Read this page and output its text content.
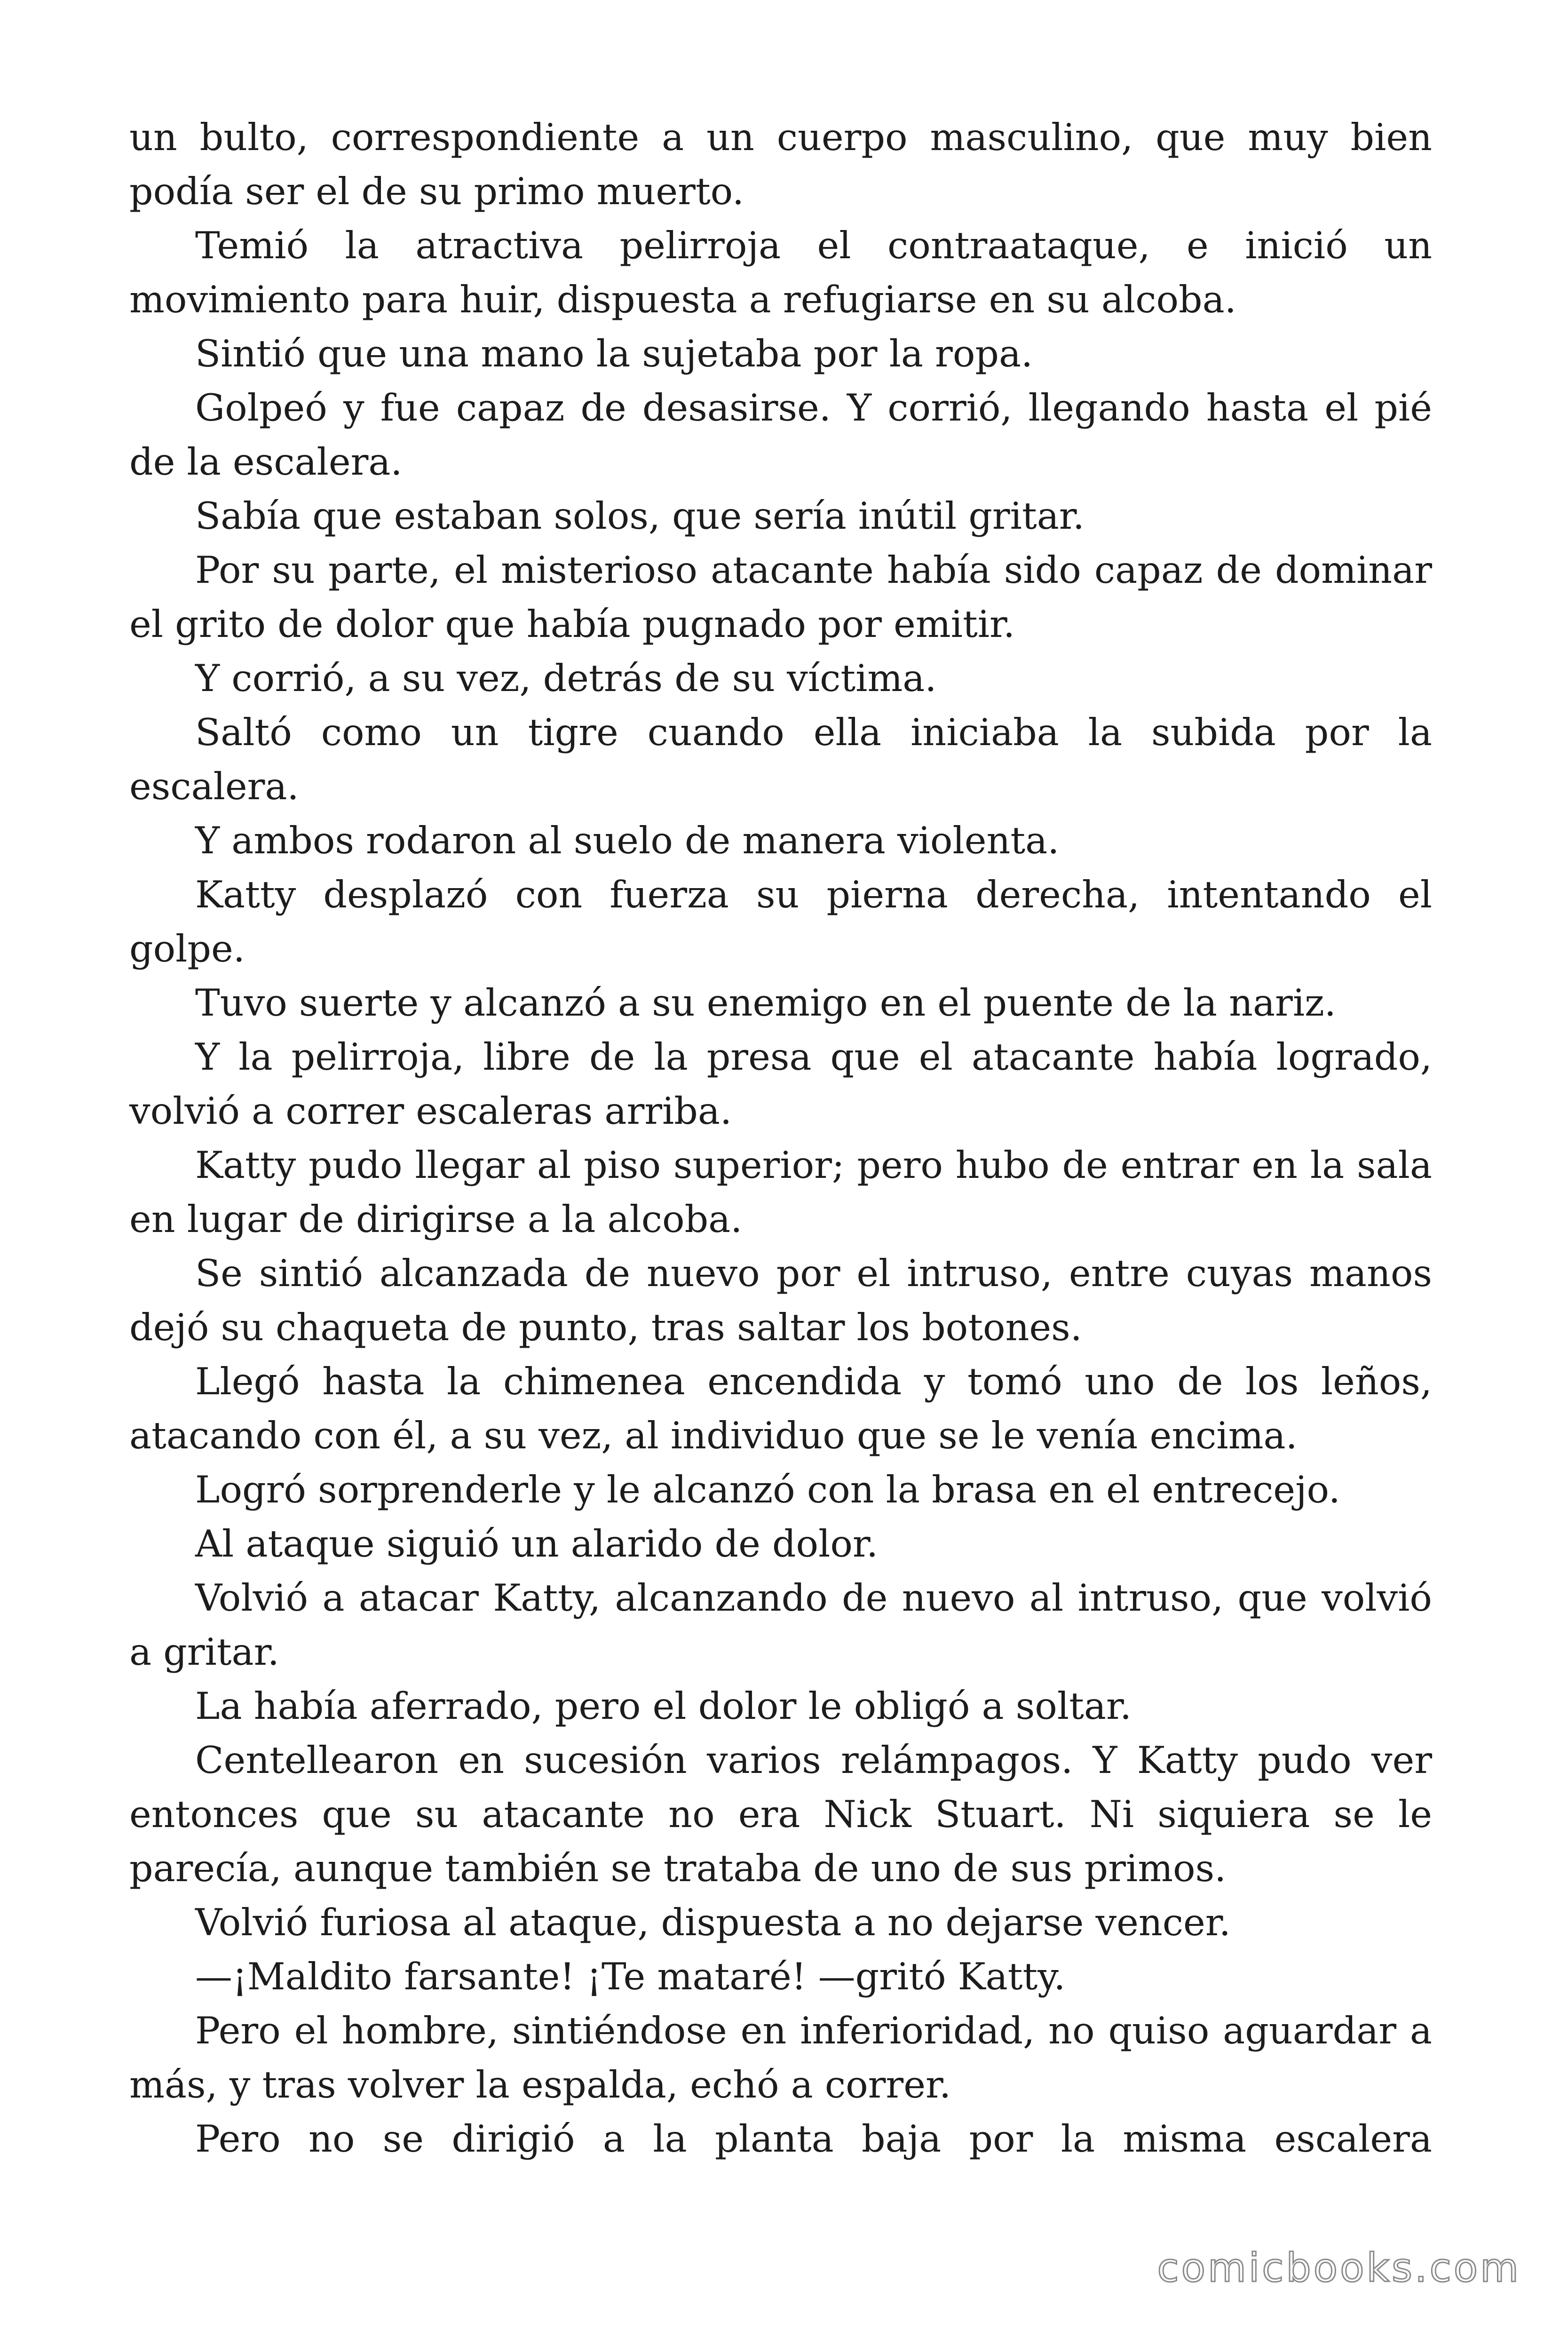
un bulto, correspondiente a un cuerpo masculino, que muy bien podía ser el de su primo muerto.

Temió la atractiva pelirroja el contraataque, e inició un movimiento para huir, dispuesta a refugiarse en su alcoba.

Sintió que una mano la sujetaba por la ropa.

Golpeó y fue capaz de desasirse. Y corrió, llegando hasta el pié de la escalera.

Sabía que estaban solos, que sería inútil gritar.

Por su parte, el misterioso atacante había sido capaz de dominar el grito de dolor que había pugnado por emitir.

Y corrió, a su vez, detrás de su víctima.

Saltó como un tigre cuando ella iniciaba la subida por la escalera.

Y ambos rodaron al suelo de manera violenta.

Katty desplazó con fuerza su pierna derecha, intentando el golpe.

Tuvo suerte y alcanzó a su enemigo en el puente de la nariz.

Y la pelirroja, libre de la presa que el atacante había logrado, volvió a correr escaleras arriba.

Katty pudo llegar al piso superior; pero hubo de entrar en la sala en lugar de dirigirse a la alcoba.

Se sintió alcanzada de nuevo por el intruso, entre cuyas manos dejó su chaqueta de punto, tras saltar los botones.

Llegó hasta la chimenea encendida y tomó uno de los leños, atacando con él, a su vez, al individuo que se le venía encima.

Logró sorprenderle y le alcanzó con la brasa en el entrecejo.

Al ataque siguió un alarido de dolor.

Volvió a atacar Katty, alcanzando de nuevo al intruso, que volvió a gritar.

La había aferrado, pero el dolor le obligó a soltar.

Centellearon en sucesión varios relámpagos. Y Katty pudo ver entonces que su atacante no era Nick Stuart. Ni siquiera se le parecía, aunque también se trataba de uno de sus primos.

Volvió furiosa al ataque, dispuesta a no dejarse vencer.

—¡Maldito farsante! ¡Te mataré! —gritó Katty.

Pero el hombre, sintiéndose en inferioridad, no quiso aguardar a más, y tras volver la espalda, echó a correr.

Pero no se dirigió a la planta baja por la misma escalera

comicbooks.com
